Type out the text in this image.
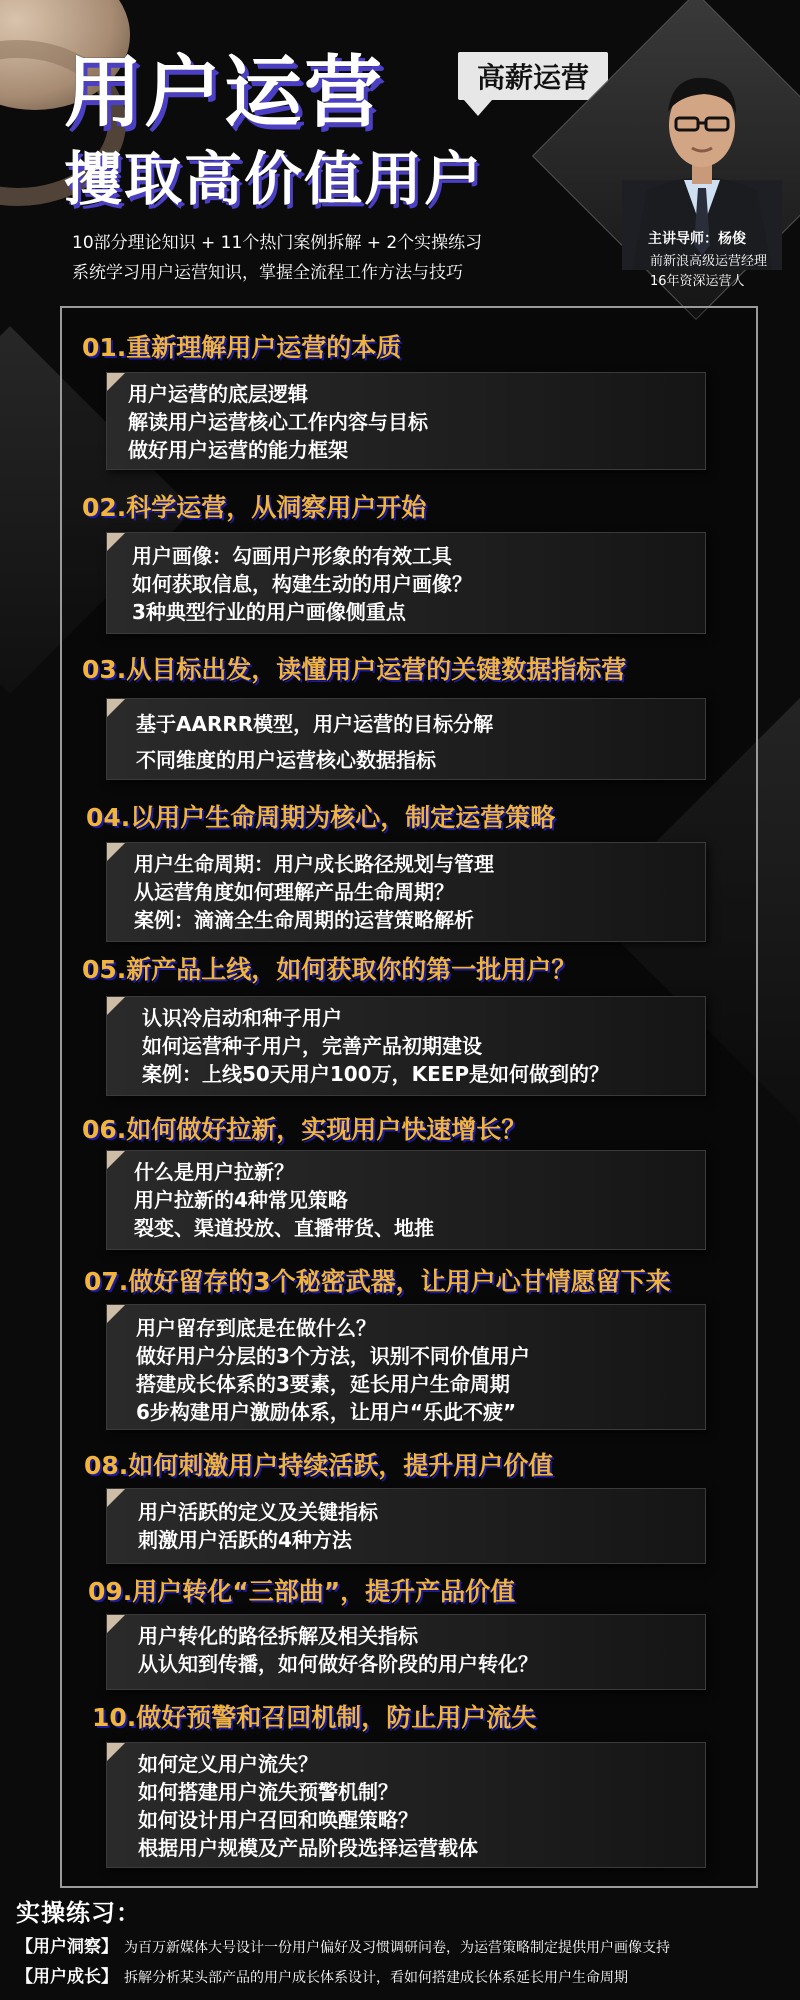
用户运营	高薪运营
攫取高价值用户
10部分理论知识 + 11个热门案例拆解 + 2个实操练习
系统学习用户运营知识，掌握全流程工作方法与技巧
主讲导师：杨俊
前新浪高级运营经理
16年资深运营人
01.重新理解用户运营的本质
用户运营的底层逻辑
解读用户运营核心工作内容与目标
做好用户运营的能力框架
02.科学运营，从洞察用户开始
用户画像：勾画用户形象的有效工具
如何获取信息，构建生动的用户画像？
3种典型行业的用户画像侧重点
03.从目标出发，读懂用户运营的关键数据指标营
基于AARRR模型，用户运营的目标分解
不同维度的用户运营核心数据指标
04.以用户生命周期为核心，制定运营策略
用户生命周期：用户成长路径规划与管理
从运营角度如何理解产品生命周期？
案例：滴滴全生命周期的运营策略解析
05.新产品上线，如何获取你的第一批用户？
认识冷启动和种子用户
如何运营种子用户，完善产品初期建设
案例：上线50天用户100万，KEEP是如何做到的？
06.如何做好拉新，实现用户快速增长？
什么是用户拉新？
用户拉新的4种常见策略
裂变、渠道投放、直播带货、地推
07.做好留存的3个秘密武器，让用户心甘情愿留下来
用户留存到底是在做什么？
做好用户分层的3个方法，识别不同价值用户
搭建成长体系的3要素，延长用户生命周期
6步构建用户激励体系，让用户“乐此不疲”
08.如何刺激用户持续活跃，提升用户价值
用户活跃的定义及关键指标
刺激用户活跃的4种方法
09.用户转化“三部曲”，提升产品价值
用户转化的路径拆解及相关指标
从认知到传播，如何做好各阶段的用户转化？
10.做好预警和召回机制，防止用户流失
如何定义用户流失？
如何搭建用户流失预警机制？
如何设计用户召回和唤醒策略？
根据用户规模及产品阶段选择运营载体
实操练习：
【用户洞察】 为百万新媒体大号设计一份用户偏好及习惯调研问卷，为运营策略制定提供用户画像支持
【用户成长】 拆解分析某头部产品的用户成长体系设计，看如何搭建成长体系延长用户生命周期
